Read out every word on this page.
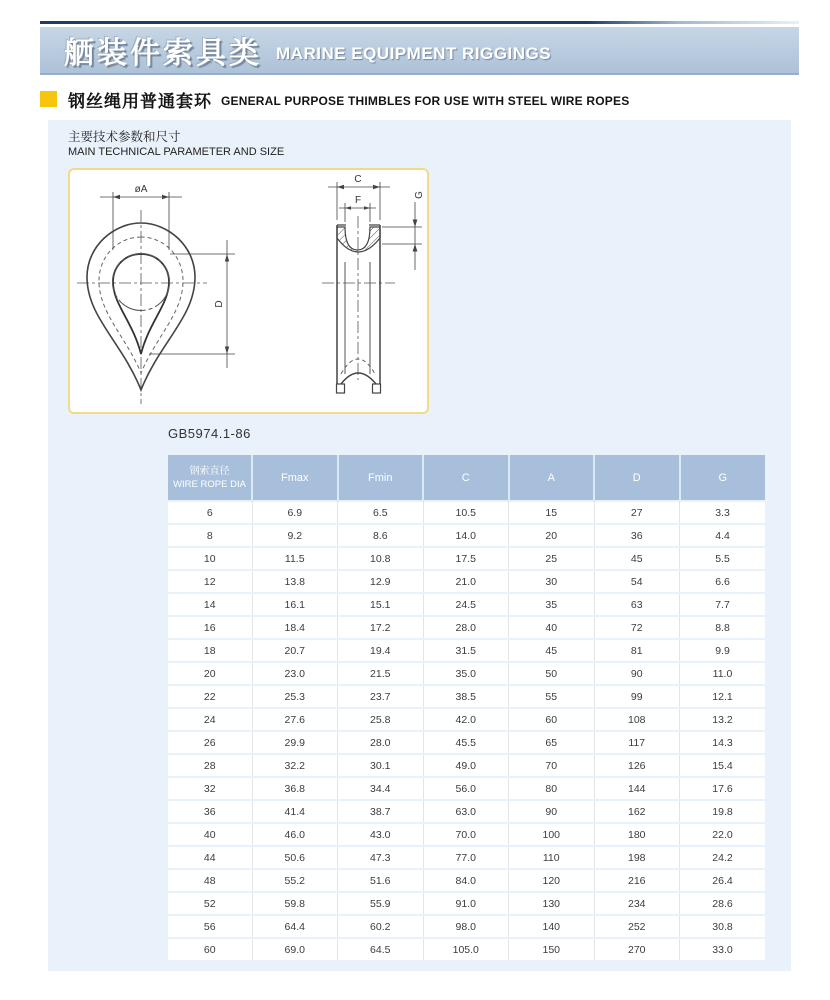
舾装件索具类 MARINE EQUIPMENT RIGGINGS
钢丝绳用普通套环 GENERAL PURPOSE THIMBLES FOR USE WITH STEEL WIRE ROPES
主要技术参数和尺寸
MAIN TECHNICAL PARAMETER AND SIZE
øA
D
C
F	G
GB5974.1-86
钢索直径
WIRE ROPE DIA	Fmax	Fmin	C	A	D	G
6	6.9	6.5	10.5	15	27	3.3
8	9.2	8.6	14.0	20	36	4.4
10	11.5	10.8	17.5	25	45	5.5
12	13.8	12.9	21.0	30	54	6.6
14	16.1	15.1	24.5	35	63	7.7
16	18.4	17.2	28.0	40	72	8.8
18	20.7	19.4	31.5	45	81	9.9
20	23.0	21.5	35.0	50	90	11.0
22	25.3	23.7	38.5	55	99	12.1
24	27.6	25.8	42.0	60	108	13.2
26	29.9	28.0	45.5	65	117	14.3
28	32.2	30.1	49.0	70	126	15.4
32	36.8	34.4	56.0	80	144	17.6
36	41.4	38.7	63.0	90	162	19.8
40	46.0	43.0	70.0	100	180	22.0
44	50.6	47.3	77.0	110	198	24.2
48	55.2	51.6	84.0	120	216	26.4
52	59.8	55.9	91.0	130	234	28.6
56	64.4	60.2	98.0	140	252	30.8
60	69.0	64.5	105.0	150	270	33.0
